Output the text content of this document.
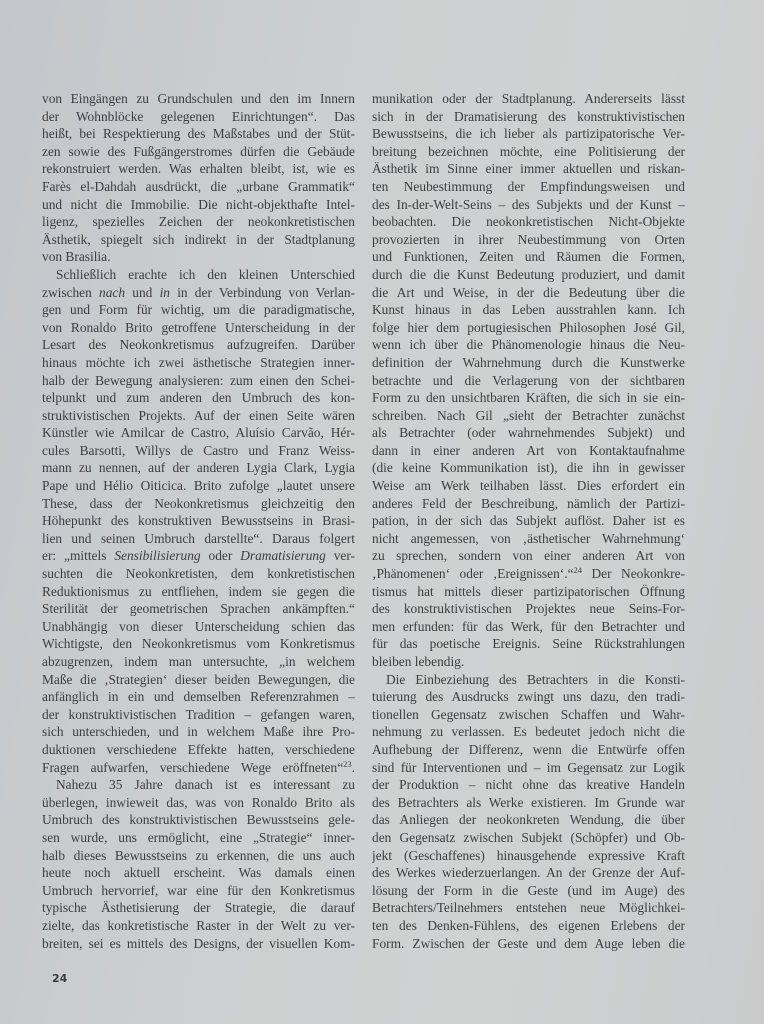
von Eingängen zu Grundschulen und den im Innern
der Wohnblöcke gelegenen Einrichtungen“. Das
heißt, bei Respektierung des Maßstabes und der Stüt-
zen sowie des Fußgängerstromes dürfen die Gebäude
rekonstruiert werden. Was erhalten bleibt, ist, wie es
Farès el-Dahdah ausdrückt, die „urbane Grammatik“
und nicht die Immobilie. Die nicht-objekthafte Intel-
ligenz, spezielles Zeichen der neokonkretistischen
Ästhetik, spiegelt sich indirekt in der Stadtplanung
von Brasilia.
Schließlich erachte ich den kleinen Unterschied
zwischen nach und in in der Verbindung von Verlan-
gen und Form für wichtig, um die paradigmatische,
von Ronaldo Brito getroffene Unterscheidung in der
Lesart des Neokonkretismus aufzugreifen. Darüber
hinaus möchte ich zwei ästhetische Strategien inner-
halb der Bewegung analysieren: zum einen den Schei-
telpunkt und zum anderen den Umbruch des kon-
struktivistischen Projekts. Auf der einen Seite wären
Künstler wie Amilcar de Castro, Aluísio Carvão, Hér-
cules Barsotti, Willys de Castro und Franz Weiss-
mann zu nennen, auf der anderen Lygia Clark, Lygia
Pape und Hélio Oiticica. Brito zufolge „lautet unsere
These, dass der Neokonkretismus gleichzeitig den
Höhepunkt des konstruktiven Bewusstseins in Brasi-
lien und seinen Umbruch darstellte“. Daraus folgert
er: „mittels Sensibilisierung oder Dramatisierung ver-
suchten die Neokonkretisten, dem konkretistischen
Reduktionismus zu entfliehen, indem sie gegen die
Sterilität der geometrischen Sprachen ankämpften.“
Unabhängig von dieser Unterscheidung schien das
Wichtigste, den Neokonkretismus vom Konkretismus
abzugrenzen, indem man untersuchte, „in welchem
Maße die ‚Strategien‘ dieser beiden Bewegungen, die
anfänglich in ein und demselben Referenzrahmen –
der konstruktivistischen Tradition – gefangen waren,
sich unterschieden, und in welchem Maße ihre Pro-
duktionen verschiedene Effekte hatten, verschiedene
Fragen aufwarfen, verschiedene Wege eröffneten“$^{23}$.
Nahezu 35 Jahre danach ist es interessant zu
überlegen, inwieweit das, was von Ronaldo Brito als
Umbruch des konstruktivistischen Bewusstseins gele-
sen wurde, uns ermöglicht, eine „Strategie“ inner-
halb dieses Bewusstseins zu erkennen, die uns auch
heute noch aktuell erscheint. Was damals einen
Umbruch hervorrief, war eine für den Konkretismus
typische Ästhetisierung der Strategie, die darauf
zielte, das konkretistische Raster in der Welt zu ver-
breiten, sei es mittels des Designs, der visuellen Kom-
munikation oder der Stadtplanung. Andererseits lässt
sich in der Dramatisierung des konstruktivistischen
Bewusstseins, die ich lieber als partizipatorische Ver-
breitung bezeichnen möchte, eine Politisierung der
Ästhetik im Sinne einer immer aktuellen und riskan-
ten Neubestimmung der Empfindungsweisen und
des In-der-Welt-Seins – des Subjekts und der Kunst –
beobachten. Die neokonkretistischen Nicht-Objekte
provozierten in ihrer Neubestimmung von Orten
und Funktionen, Zeiten und Räumen die Formen,
durch die die Kunst Bedeutung produziert, und damit
die Art und Weise, in der die Bedeutung über die
Kunst hinaus in das Leben ausstrahlen kann. Ich
folge hier dem portugiesischen Philosophen José Gil,
wenn ich über die Phänomenologie hinaus die Neu-
definition der Wahrnehmung durch die Kunstwerke
betrachte und die Verlagerung von der sichtbaren
Form zu den unsichtbaren Kräften, die sich in sie ein-
schreiben. Nach Gil „sieht der Betrachter zunächst
als Betrachter (oder wahrnehmendes Subjekt) und
dann in einer anderen Art von Kontaktaufnahme
(die keine Kommunikation ist), die ihn in gewisser
Weise am Werk teilhaben lässt. Dies erfordert ein
anderes Feld der Beschreibung, nämlich der Partizi-
pation, in der sich das Subjekt auflöst. Daher ist es
nicht angemessen, von ‚ästhetischer Wahrnehmung‘
zu sprechen, sondern von einer anderen Art von
‚Phänomenen‘ oder ‚Ereignissen‘.“$^{24}$ Der Neokonkre-
tismus hat mittels dieser partizipatorischen Öffnung
des konstruktivistischen Projektes neue Seins-For-
men erfunden: für das Werk, für den Betrachter und
für das poetische Ereignis. Seine Rückstrahlungen
bleiben lebendig.
Die Einbeziehung des Betrachters in die Konsti-
tuierung des Ausdrucks zwingt uns dazu, den tradi-
tionellen Gegensatz zwischen Schaffen und Wahr-
nehmung zu verlassen. Es bedeutet jedoch nicht die
Aufhebung der Differenz, wenn die Entwürfe offen
sind für Interventionen und – im Gegensatz zur Logik
der Produktion – nicht ohne das kreative Handeln
des Betrachters als Werke existieren. Im Grunde war
das Anliegen der neokonkreten Wendung, die über
den Gegensatz zwischen Subjekt (Schöpfer) und Ob-
jekt (Geschaffenes) hinausgehende expressive Kraft
des Werkes wiederzuerlangen. An der Grenze der Auf-
lösung der Form in die Geste (und im Auge) des
Betrachters/Teilnehmers entstehen neue Möglichkei-
ten des Denken-Fühlens, des eigenen Erlebens der
Form. Zwischen der Geste und dem Auge leben die
24
